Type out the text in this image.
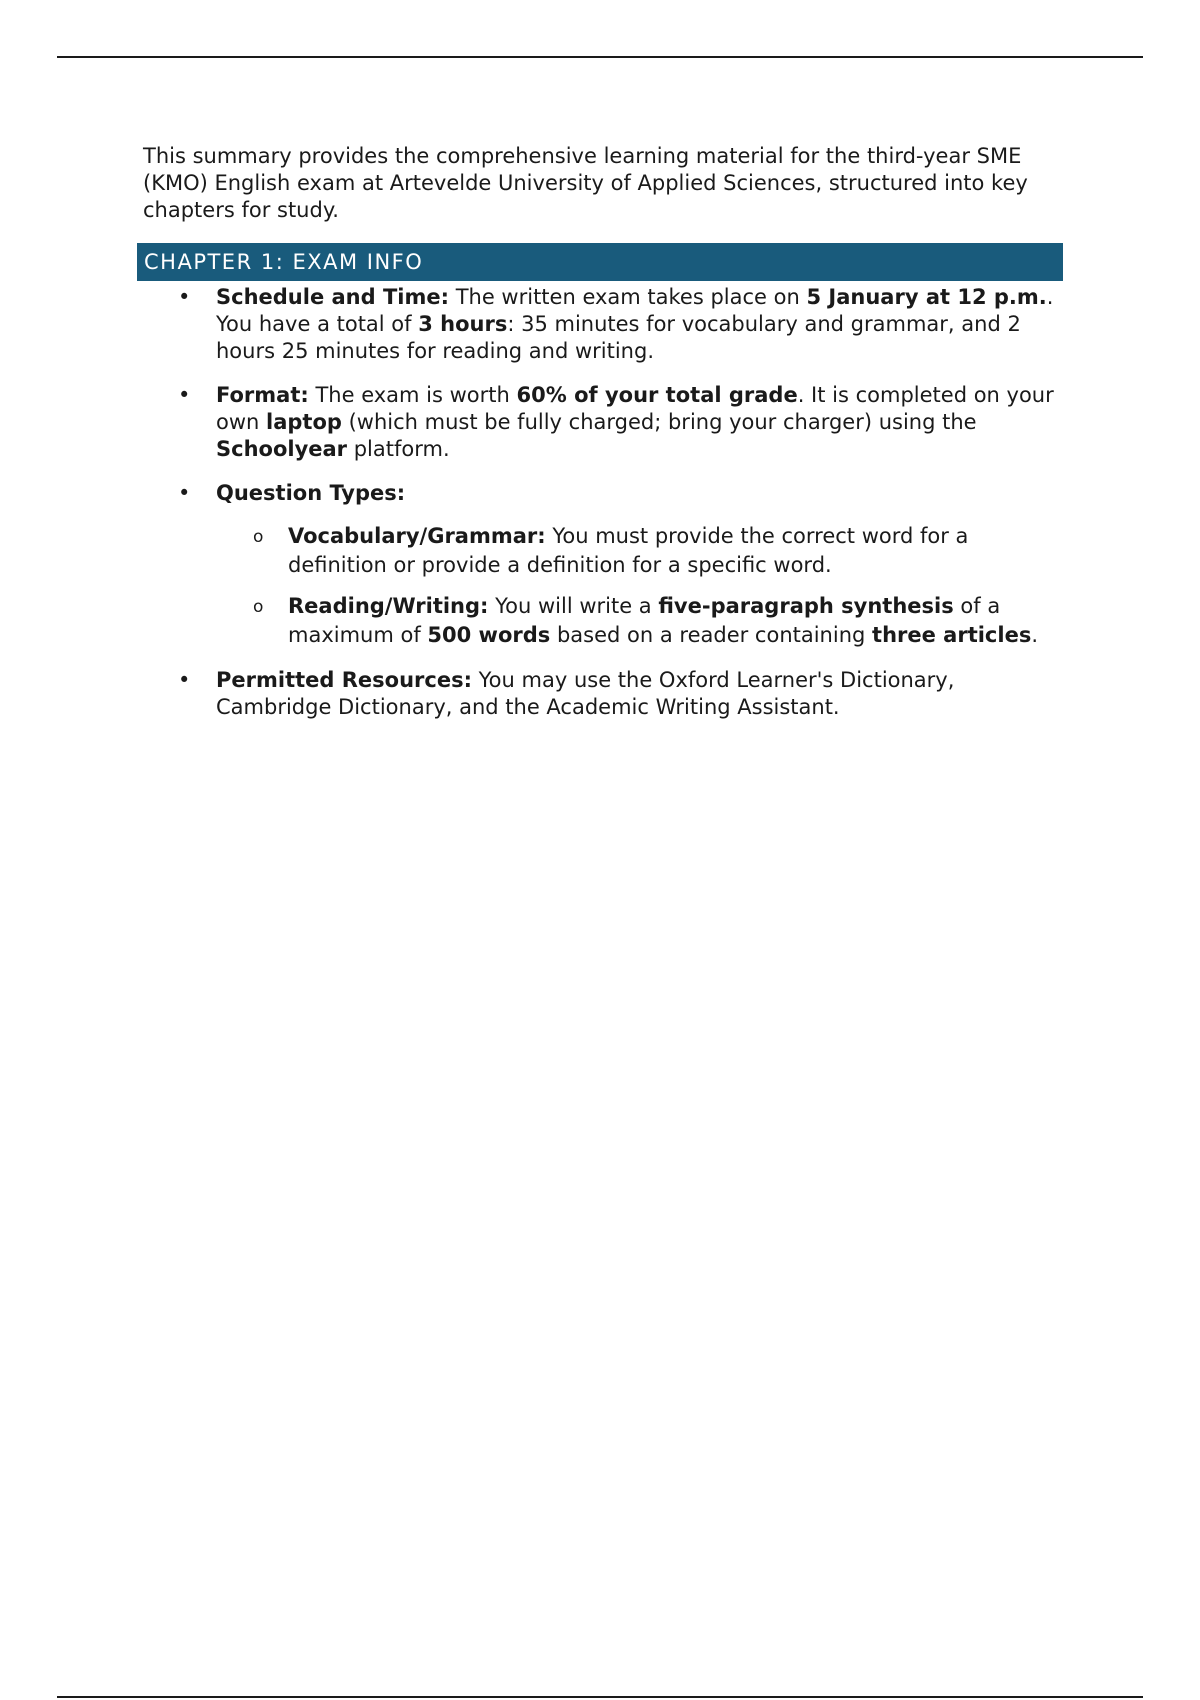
This summary provides the comprehensive learning material for the third-year SME (KMO) English exam at Artevelde University of Applied Sciences, structured into key chapters for study.

CHAPTER 1: EXAM INFO
• Schedule and Time: The written exam takes place on 5 January at 12 p.m.. You have a total of 3 hours: 35 minutes for vocabulary and grammar, and 2 hours 25 minutes for reading and writing.
• Format: The exam is worth 60% of your total grade. It is completed on your own laptop (which must be fully charged; bring your charger) using the Schoolyear platform.
• Question Types:
o Vocabulary/Grammar: You must provide the correct word for a definition or provide a definition for a specific word.
o Reading/Writing: You will write a five-paragraph synthesis of a maximum of 500 words based on a reader containing three articles.
• Permitted Resources: You may use the Oxford Learner's Dictionary, Cambridge Dictionary, and the Academic Writing Assistant.
